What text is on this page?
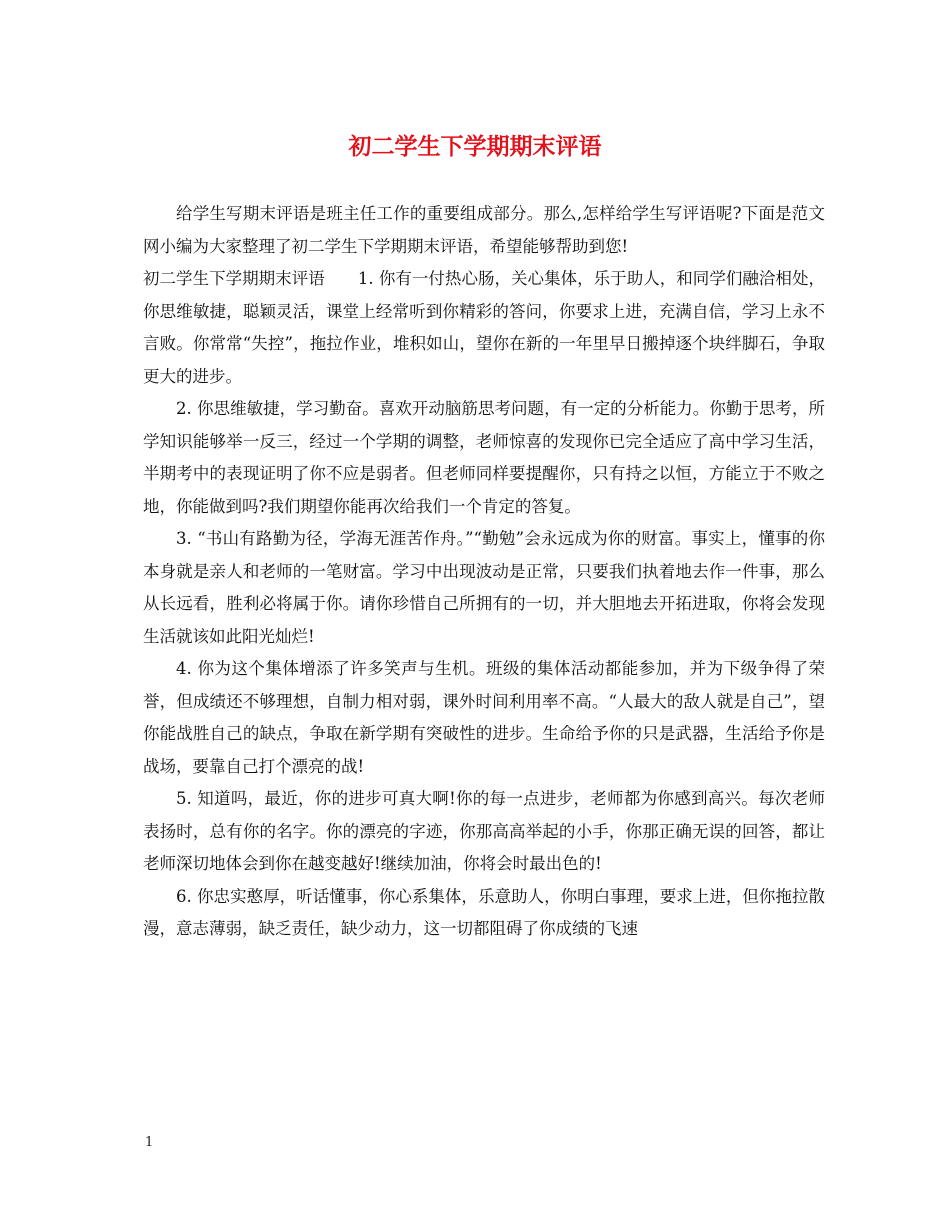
初二学生下学期期末评语

给学生写期末评语是班主任工作的重要组成部分。那么,怎样给学生写评语呢?下面是范文网小编为大家整理了初二学生下学期期末评语，希望能够帮助到您!

初二学生下学期期末评语　　1. 你有一付热心肠，关心集体，乐于助人，和同学们融洽相处，你思维敏捷，聪颖灵活，课堂上经常听到你精彩的答问，你要求上进，充满自信，学习上永不言败。你常常“失控”，拖拉作业，堆积如山，望你在新的一年里早日搬掉逐个块绊脚石，争取更大的进步。

2. 你思维敏捷，学习勤奋。喜欢开动脑筋思考问题，有一定的分析能力。你勤于思考，所学知识能够举一反三，经过一个学期的调整，老师惊喜的发现你已完全适应了高中学习生活，半期考中的表现证明了你不应是弱者。但老师同样要提醒你，只有持之以恒，方能立于不败之地，你能做到吗?我们期望你能再次给我们一个肯定的答复。

3. “书山有路勤为径，学海无涯苦作舟。”“勤勉”会永远成为你的财富。事实上，懂事的你本身就是亲人和老师的一笔财富。学习中出现波动是正常，只要我们执着地去作一件事，那么从长远看，胜利必将属于你。请你珍惜自己所拥有的一切，并大胆地去开拓进取，你将会发现生活就该如此阳光灿烂!

4. 你为这个集体增添了许多笑声与生机。班级的集体活动都能参加，并为下级争得了荣誉，但成绩还不够理想，自制力相对弱，课外时间利用率不高。“人最大的敌人就是自己”，望你能战胜自己的缺点，争取在新学期有突破性的进步。生命给予你的只是武器，生活给予你是战场，要靠自己打个漂亮的战!

5. 知道吗，最近，你的进步可真大啊!你的每一点进步，老师都为你感到高兴。每次老师表扬时，总有你的名字。你的漂亮的字迹，你那高高举起的小手，你那正确无误的回答，都让老师深切地体会到你在越变越好!继续加油，你将会时最出色的!

6. 你忠实憨厚，听话懂事，你心系集体，乐意助人，你明白事理，要求上进，但你拖拉散漫，意志薄弱，缺乏责任，缺少动力，这一切都阻碍了你成绩的飞速

1
